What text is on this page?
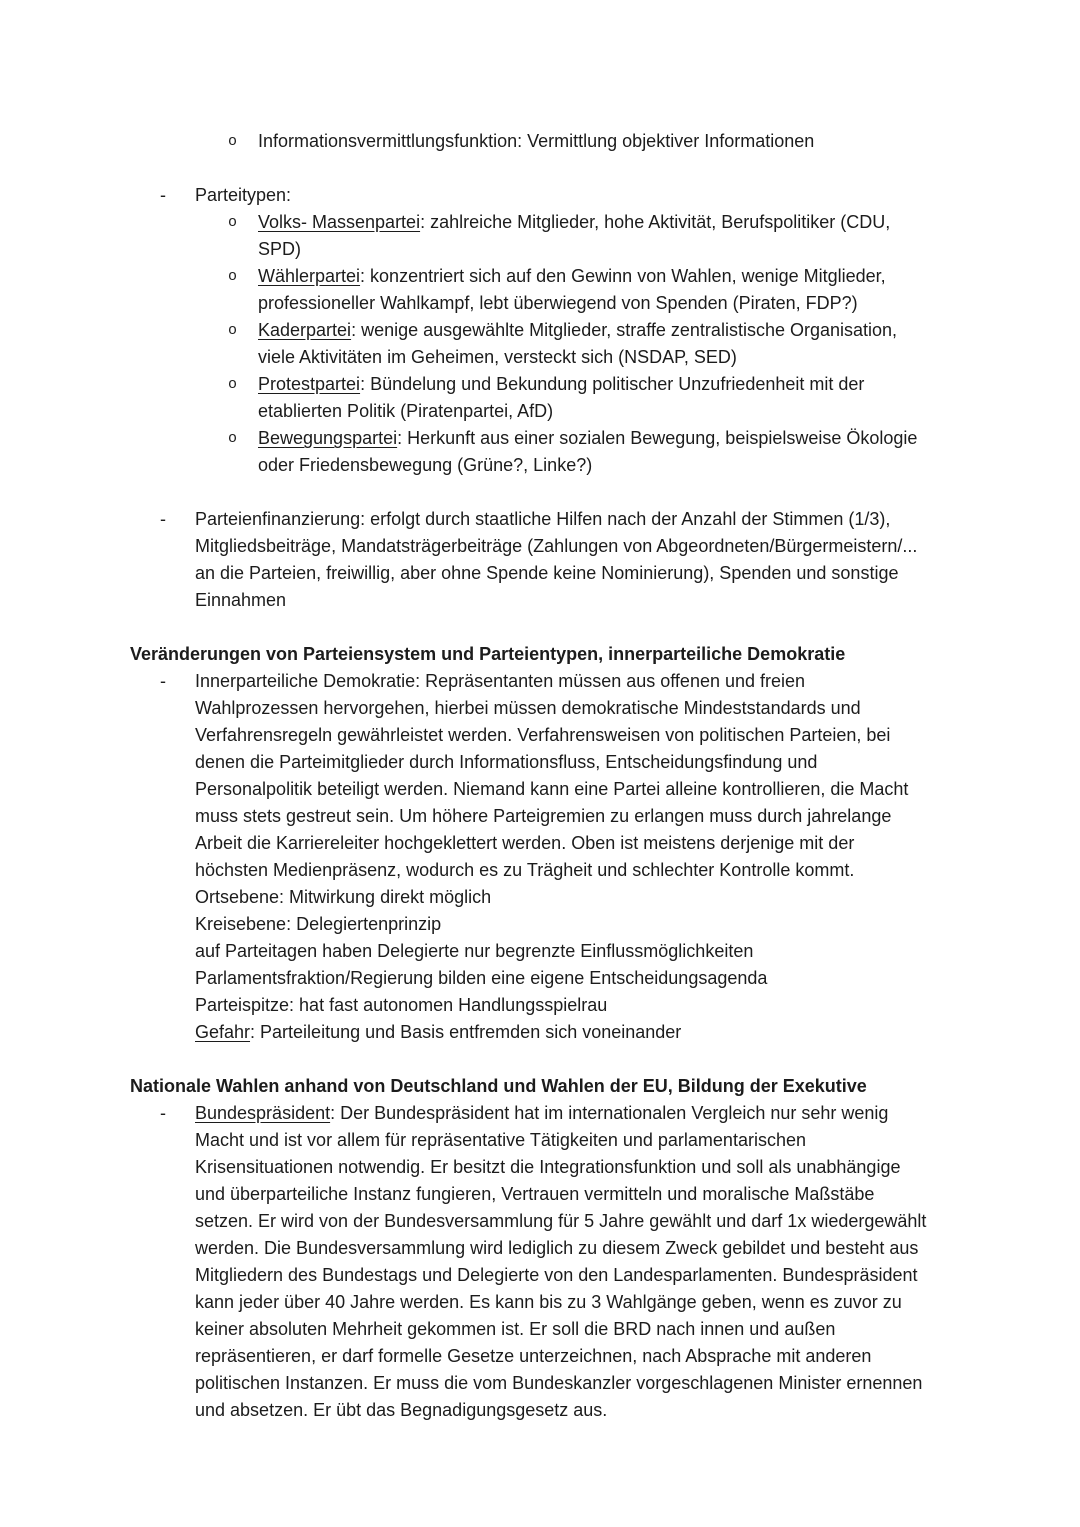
o	Informationsvermittlungsfunktion: Vermittlung objektiver Informationen
-	Parteitypen:
o	Volks- Massenpartei: zahlreiche Mitglieder, hohe Aktivität, Berufspolitiker (CDU, SPD)
o	Wählerpartei: konzentriert sich auf den Gewinn von Wahlen, wenige Mitglieder, professioneller Wahlkampf, lebt überwiegend von Spenden (Piraten, FDP?)
o	Kaderpartei: wenige ausgewählte Mitglieder, straffe zentralistische Organisation, viele Aktivitäten im Geheimen, versteckt sich (NSDAP, SED)
o	Protestpartei: Bündelung und Bekundung politischer Unzufriedenheit mit der etablierten Politik (Piratenpartei, AfD)
o	Bewegungspartei: Herkunft aus einer sozialen Bewegung, beispielsweise Ökologie oder Friedensbewegung (Grüne?, Linke?)
-	Parteienfinanzierung: erfolgt durch staatliche Hilfen nach der Anzahl der Stimmen (1/3), Mitgliedsbeiträge, Mandatsträgerbeiträge (Zahlungen von Abgeordneten/Bürgermeistern/... an die Parteien, freiwillig, aber ohne Spende keine Nominierung), Spenden und sonstige Einnahmen
Veränderungen von Parteiensystem und Parteientypen, innerparteiliche Demokratie
-	Innerparteiliche Demokratie: Repräsentanten müssen aus offenen und freien Wahlprozessen hervorgehen, hierbei müssen demokratische Mindeststandards und Verfahrensregeln gewährleistet werden. Verfahrensweisen von politischen Parteien, bei denen die Parteimitglieder durch Informationsfluss, Entscheidungsfindung und Personalpolitik beteiligt werden. Niemand kann eine Partei alleine kontrollieren, die Macht muss stets gestreut sein. Um höhere Parteigremien zu erlangen muss durch jahrelange Arbeit die Karriereleiter hochgeklettert werden. Oben ist meistens derjenige mit der höchsten Medienpräsenz, wodurch es zu Trägheit und schlechter Kontrolle kommt.
Ortsebene: Mitwirkung direkt möglich
Kreisebene: Delegiertenprinzip
auf Parteitagen haben Delegierte nur begrenzte Einflussmöglichkeiten
Parlamentsfraktion/Regierung bilden eine eigene Entscheidungsagenda
Parteispitze: hat fast autonomen Handlungsspielrau
Gefahr: Parteileitung und Basis entfremden sich voneinander
Nationale Wahlen anhand von Deutschland und Wahlen der EU, Bildung der Exekutive
-	Bundespräsident: Der Bundespräsident hat im internationalen Vergleich nur sehr wenig Macht und ist vor allem für repräsentative Tätigkeiten und parlamentarischen Krisensituationen notwendig. Er besitzt die Integrationsfunktion und soll als unabhängige und überparteiliche Instanz fungieren, Vertrauen vermitteln und moralische Maßstäbe setzen. Er wird von der Bundesversammlung für 5 Jahre gewählt und darf 1x wiedergewählt werden. Die Bundesversammlung wird lediglich zu diesem Zweck gebildet und besteht aus Mitgliedern des Bundestags und Delegierte von den Landesparlamenten. Bundespräsident kann jeder über 40 Jahre werden. Es kann bis zu 3 Wahlgänge geben, wenn es zuvor zu keiner absoluten Mehrheit gekommen ist. Er soll die BRD nach innen und außen repräsentieren, er darf formelle Gesetze unterzeichnen, nach Absprache mit anderen politischen Instanzen. Er muss die vom Bundeskanzler vorgeschlagenen Minister ernennen und absetzen. Er übt das Begnadigungsgesetz aus.
